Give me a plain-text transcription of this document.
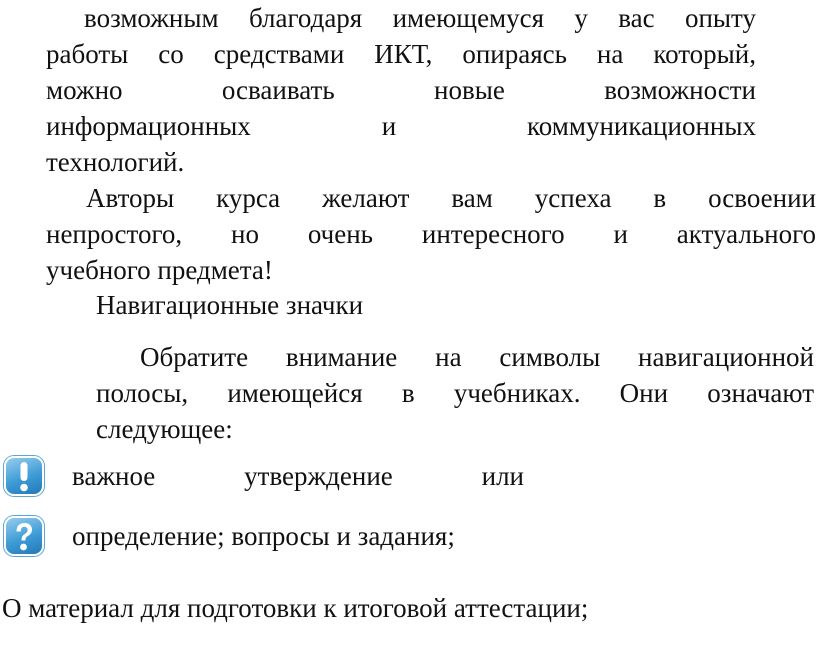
возможным благодаря имеющемуся у вас опыту
работы со средствами ИКТ, опираясь на который,
можно осваивать новые возможности
информационных и коммуникационных
технологий.
Авторы курса желают вам успеха в освоении
непростого, но очень интересного и актуального
учебного предмета!
Навигационные значки
Обратите внимание на символы навигационной
полосы, имеющейся в учебниках. Они означают
следующее:
важное	утверждение	или
определение; вопросы и задания;
О материал для подготовки к итоговой аттестации;
